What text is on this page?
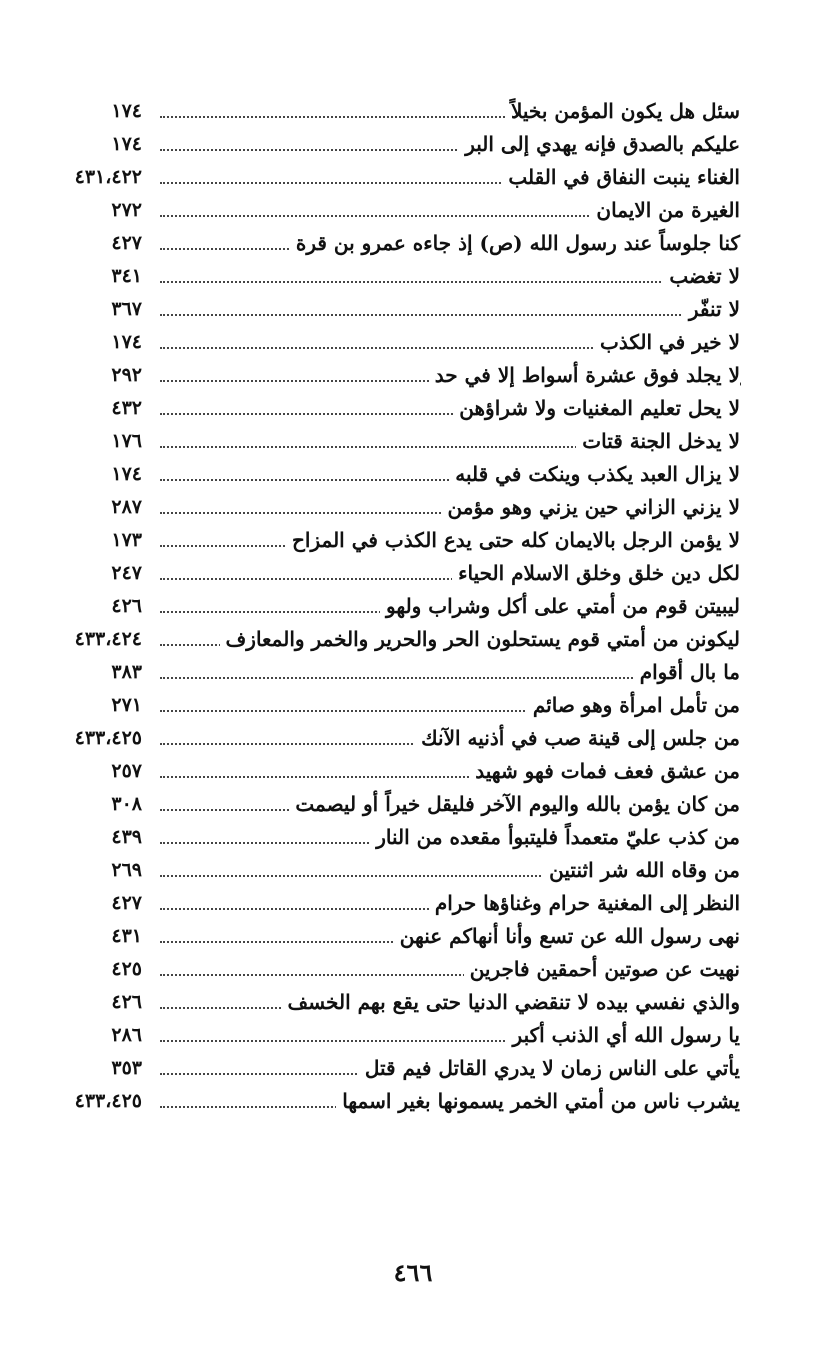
سئل هل يكون المؤمن بخيلاً
١٧٤
عليكم بالصدق فإنه يهدي إلى البر
١٧٤
الغناء ينبت النفاق في القلب
٤٣١،٤٢٢
الغيرة من الايمان
٢٧٢
كنا جلوساً عند رسول الله (ص) إذ جاءه عمرو بن قرة
٤٢٧
لا تغضب
٣٤١
لا تنفّر
٣٦٧
لا خير في الكذب
١٧٤
لا يجلد فوق عشرة أسواط إلا في حد
٢٩٢
لا يحل تعليم المغنيات ولا شراؤهن
٤٣٢
لا يدخل الجنة قتات
١٧٦
لا يزال العبد يكذب وينكت في قلبه
١٧٤
لا يزني الزاني حين يزني وهو مؤمن
٢٨٧
لا يؤمن الرجل بالايمان كله حتى يدع الكذب في المزاح
١٧٣
لكل دين خلق وخلق الاسلام الحياء
٢٤٧
ليبيتن قوم من أمتي على أكل وشراب ولهو
٤٢٦
ليكونن من أمتي قوم يستحلون الحر والحرير والخمر والمعازف
٤٣٣،٤٢٤
ما بال أقوام
٣٨٣
من تأمل امرأة وهو صائم
٢٧١
من جلس إلى قينة صب في أذنيه الآنك
٤٣٣،٤٢٥
من عشق فعف فمات فهو شهيد
٢٥٧
من كان يؤمن بالله واليوم الآخر فليقل خيراً أو ليصمت
٣٠٨
من كذب عليّ متعمداً فليتبوأ مقعده من النار
٤٣٩
من وقاه الله شر اثنتين
٢٦٩
النظر إلى المغنية حرام وغناؤها حرام
٤٢٧
نهى رسول الله عن تسع وأنا أنهاكم عنهن
٤٣١
نهيت عن صوتين أحمقين فاجرين
٤٢٥
والذي نفسي بيده لا تنقضي الدنيا حتى يقع بهم الخسف
٤٢٦
يا رسول الله أي الذنب أكبر
٢٨٦
يأتي على الناس زمان لا يدري القاتل فيم قتل
٣٥٣
يشرب ناس من أمتي الخمر يسمونها بغير اسمها
٤٣٣،٤٢٥
٤٦٦
